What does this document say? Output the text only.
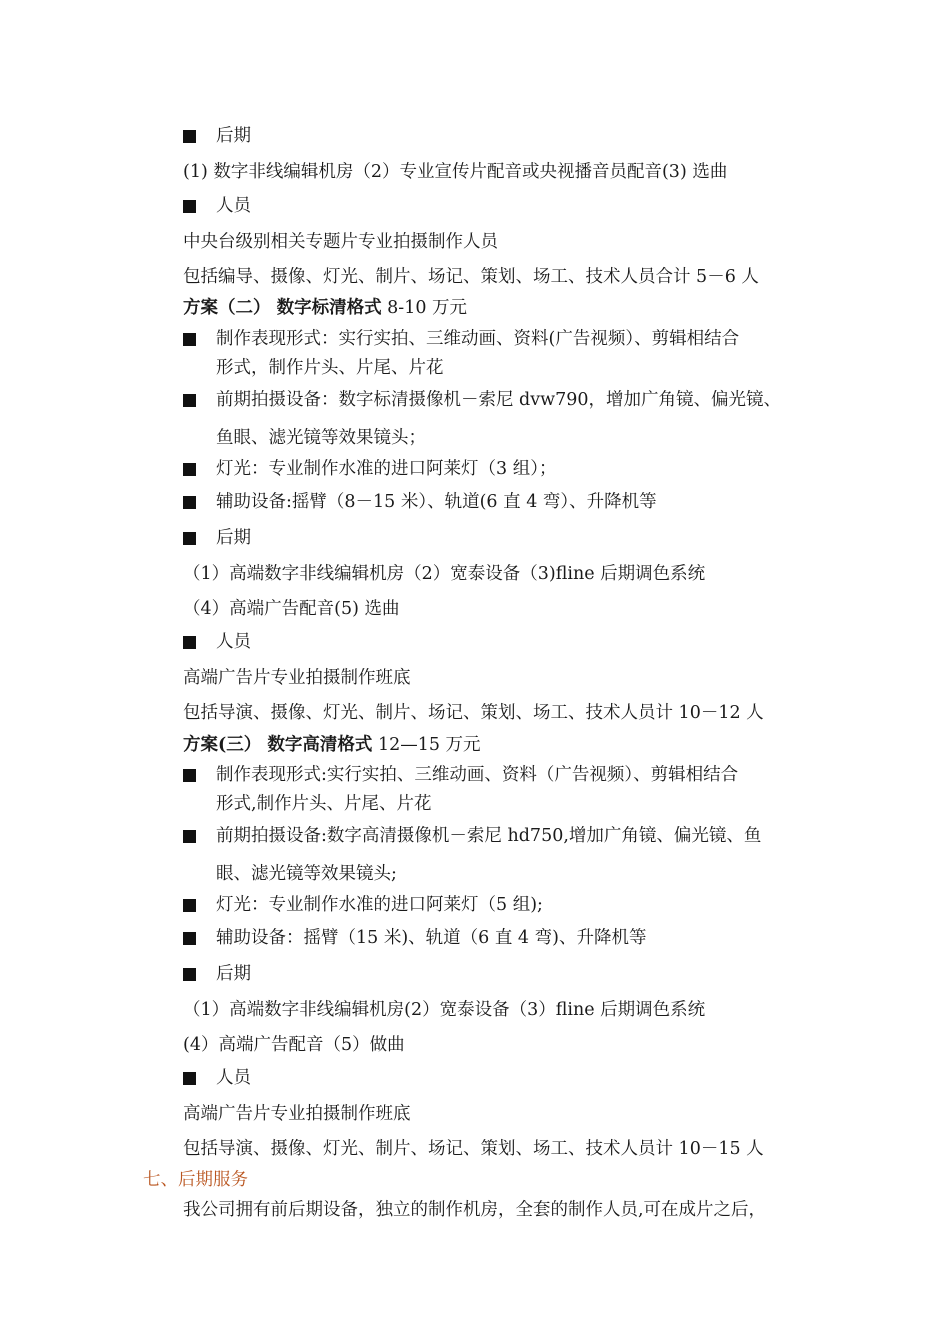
后期
(1) 数字非线编辑机房（2）专业宣传片配音或央视播音员配音(3) 选曲
人员
中央台级别相关专题片专业拍摄制作人员
包括编导、摄像、灯光、制片、场记、策划、场工、技术人员合计 5－6 人
方案（二） 数字标清格式 8-10 万元
制作表现形式：实行实拍、三维动画、资料(广告视频）、剪辑相结合
形式，制作片头、片尾、片花
前期拍摄设备：数字标清摄像机－索尼 dvw790，增加广角镜、偏光镜、
鱼眼、滤光镜等效果镜头；
灯光：专业制作水准的进口阿莱灯（3 组）；
辅助设备:摇臂（8－15 米）、轨道(6 直 4 弯）、升降机等
后期
（1）高端数字非线编辑机房（2）宽泰设备（3)fline 后期调色系统
（4）高端广告配音(5) 选曲
人员
高端广告片专业拍摄制作班底
包括导演、摄像、灯光、制片、场记、策划、场工、技术人员计 10－12 人
方案(三） 数字高清格式 12—15 万元
制作表现形式:实行实拍、三维动画、资料（广告视频）、剪辑相结合
形式,制作片头、片尾、片花
前期拍摄设备:数字高清摄像机－索尼 hd750,增加广角镜、偏光镜、鱼
眼、滤光镜等效果镜头;
灯光：专业制作水准的进口阿莱灯（5 组);
辅助设备：摇臂（15 米)、轨道（6 直 4 弯)、升降机等
后期
（1）高端数字非线编辑机房(2）宽泰设备（3）fline 后期调色系统
(4）高端广告配音（5）做曲
人员
高端广告片专业拍摄制作班底
包括导演、摄像、灯光、制片、场记、策划、场工、技术人员计 10－15 人
七、后期服务
我公司拥有前后期设备，独立的制作机房，全套的制作人员,可在成片之后，
